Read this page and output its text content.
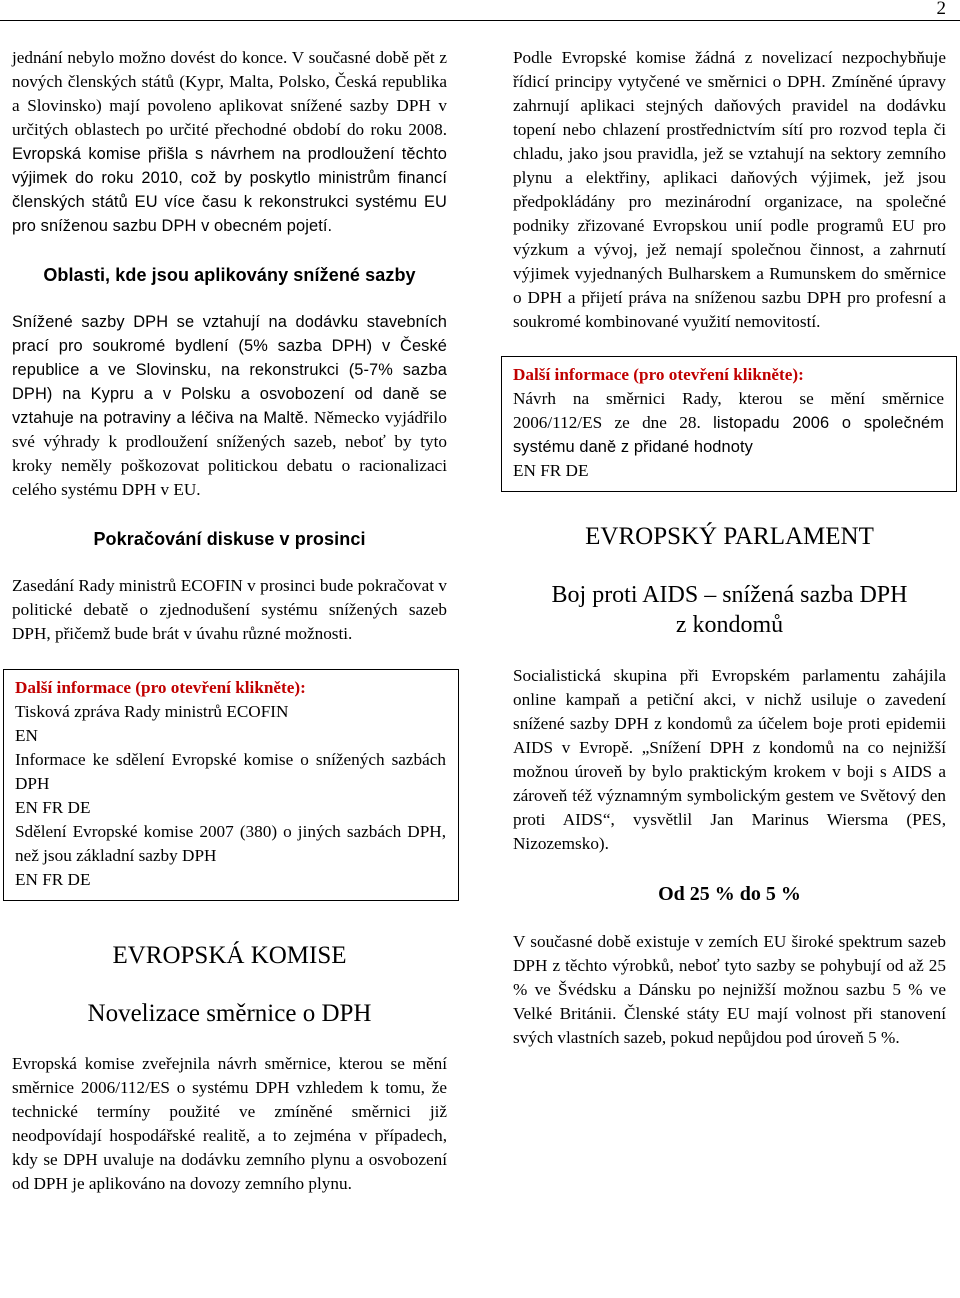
2

jednání nebylo možno dovést do konce. V současné době pět z nových členských států (Kypr, Malta, Polsko, Česká republika a Slovinsko) mají povoleno aplikovat snížené sazby DPH v určitých oblastech po určité přechodné období do roku 2008. Evropská komise přišla s návrhem na prodloužení těchto výjimek do roku 2010, což by poskytlo ministrům financí členských států EU více času k rekonstrukci systému EU pro sníženou sazbu DPH v obecném pojetí.

Oblasti, kde jsou aplikovány snížené sazby

Snížené sazby DPH se vztahují na dodávku stavebních prací pro soukromé bydlení (5% sazba DPH) v České republice a ve Slovinsku, na rekonstrukci (5-7% sazba DPH) na Kypru a v Polsku a osvobození od daně se vztahuje na potraviny a léčiva na Maltě. Německo vyjádřilo své výhrady k prodloužení snížených sazeb, neboť by tyto kroky neměly poškozovat politickou debatu o racionalizaci celého systému DPH v EU.

Pokračování diskuse v prosinci

Zasedání Rady ministrů ECOFIN v prosinci bude pokračovat v politické debatě o zjednodušení systému snížených sazeb DPH, přičemž bude brát v úvahu různé možnosti.

Další informace (pro otevření klikněte):
Tisková zpráva Rady ministrů ECOFIN
EN
Informace ke sdělení Evropské komise o snížených sazbách DPH
EN FR DE
Sdělení Evropské komise 2007 (380) o jiných sazbách DPH, než jsou základní sazby DPH
EN FR DE
EVROPSKÁ KOMISE
Novelizace směrnice o DPH

Evropská komise zveřejnila návrh směrnice, kterou se mění směrnice 2006/112/ES o systému DPH vzhledem k tomu, že technické termíny použité ve zmíněné směrnici již neodpovídají hospodářské realitě, a to zejména v případech, kdy se DPH uvaluje na dodávku zemního plynu a osvobození od DPH je aplikováno na dovozy zemního plynu.

Podle Evropské komise žádná z novelizací nezpochybňuje řídicí principy vytyčené ve směrnici o DPH. Zmíněné úpravy zahrnují aplikaci stejných daňových pravidel na dodávku topení nebo chlazení prostřednictvím sítí pro rozvod tepla či chladu, jako jsou pravidla, jež se vztahují na sektory zemního plynu a elektřiny, aplikaci daňových výjimek, jež jsou předpokládány pro mezinárodní organizace, na společné podniky zřizované Evropskou unií podle programů EU pro výzkum a vývoj, jež nemají společnou činnost, a zahrnutí výjimek vyjednaných Bulharskem a Rumunskem do směrnice o DPH a přijetí práva na sníženou sazbu DPH pro profesní a soukromé kombinované využití nemovitostí.

Další informace (pro otevření klikněte):
Návrh na směrnici Rady, kterou se mění směrnice 2006/112/ES ze dne 28. listopadu 2006 o společném systému daně z přidané hodnoty
EN FR DE
EVROPSKÝ PARLAMENT
Boj proti AIDS – snížená sazba DPH
z kondomů

Socialistická skupina při Evropském parlamentu zahájila online kampaň a petiční akci, v nichž usiluje o zavedení snížené sazby DPH z kondomů za účelem boje proti epidemii AIDS v Evropě. „Snížení DPH z kondomů na co nejnižší možnou úroveň by bylo praktickým krokem v boji s AIDS a zároveň též významným symbolickým gestem ve Světový den proti AIDS“, vysvětlil Jan Marinus Wiersma (PES, Nizozemsko).

Od 25 % do 5 %

V současné době existuje v zemích EU široké spektrum sazeb DPH z těchto výrobků, neboť tyto sazby se pohybují od až 25 % ve Švédsku a Dánsku po nejnižší možnou sazbu 5 % ve Velké Británii. Členské státy EU mají volnost při stanovení svých vlastních sazeb, pokud nepůjdou pod úroveň 5 %.
